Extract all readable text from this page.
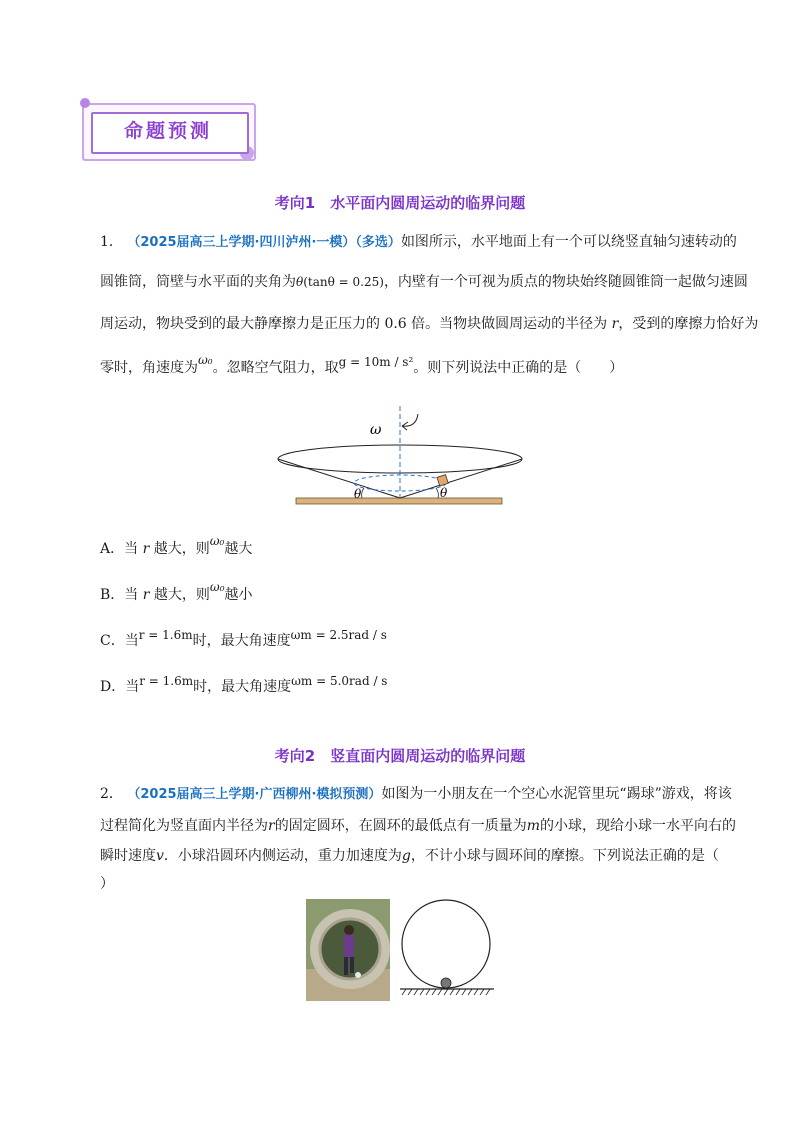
命题预测
考向1　水平面内圆周运动的临界问题
1． （2025届高三上学期·四川泸州·一模）（多选）如图所示，水平地面上有一个可以绕竖直轴匀速转动的
圆锥筒，筒壁与水平面的夹角为θ(tanθ = 0.25)，内壁有一个可视为质点的物块始终随圆锥筒一起做匀速圆
周运动，物块受到的最大静摩擦力是正压力的 0.6 倍。当物块做圆周运动的半径为 r，受到的摩擦力恰好为
零时，角速度为ω₀。忽略空气阻力，取g = 10m / s²。则下列说法中正确的是（　　）
ω
θ	θ
A．当 r 越大，则ω₀越大
B．当 r 越大，则ω₀越小
C．当r = 1.6m时，最大角速度ωm = 2.5rad / s
D．当r = 1.6m时，最大角速度ωm = 5.0rad / s
考向2　竖直面内圆周运动的临界问题
2． （2025届高三上学期·广西柳州·模拟预测）如图为一小朋友在一个空心水泥管里玩“踢球”游戏，将该
过程简化为竖直面内半径为r的固定圆环，在圆环的最低点有一质量为m的小球，现给小球一水平向右的
瞬时速度v．小球沿圆环内侧运动，重力加速度为g，不计小球与圆环间的摩擦。下列说法正确的是（
）
